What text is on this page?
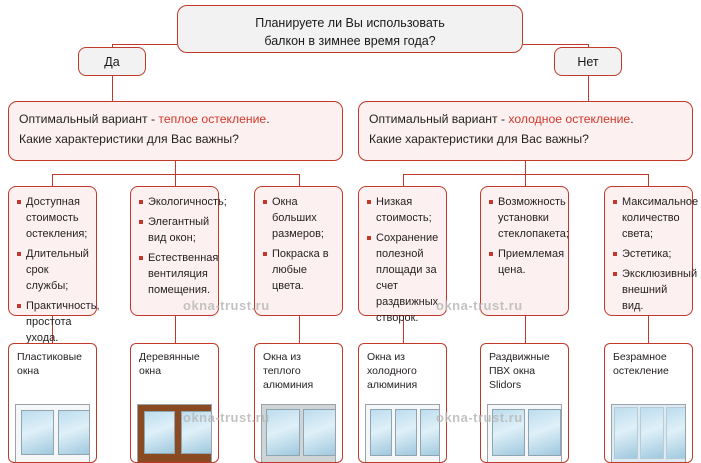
Планируете ли Вы использовать
балкон в зимнее время года?
Да	Нет
Оптимальный вариант - теплое остекление.
Какие характеристики для Вас важны?
Оптимальный вариант - холодное остекление.
Какие характеристики для Вас важны?
Доступная стоимость остекления;
Длительный срок службы;
Практичность, простота ухода.
Экологичность;
Элегантный вид окон;
Естественная вентиляция помещения.
Окна больших размеров;
Покраска в любые цвета.
Низкая стоимость;
Сохранение полезной площади за счет раздвижных створок.
Возможность установки стеклопакета;
Приемлемая цена.
Максимальное количество света;
Эстетика;
Эксклюзивный внешний вид.
Пластиковые окна
Деревянные окна
Окна из теплого алюминия
Окна из холодного алюминия
Раздвижные ПВХ окна Slidors
Безрамное остекление
okna-trust.ru	okna-trust.ru
okna-trust.ru	okna-trust.ru
